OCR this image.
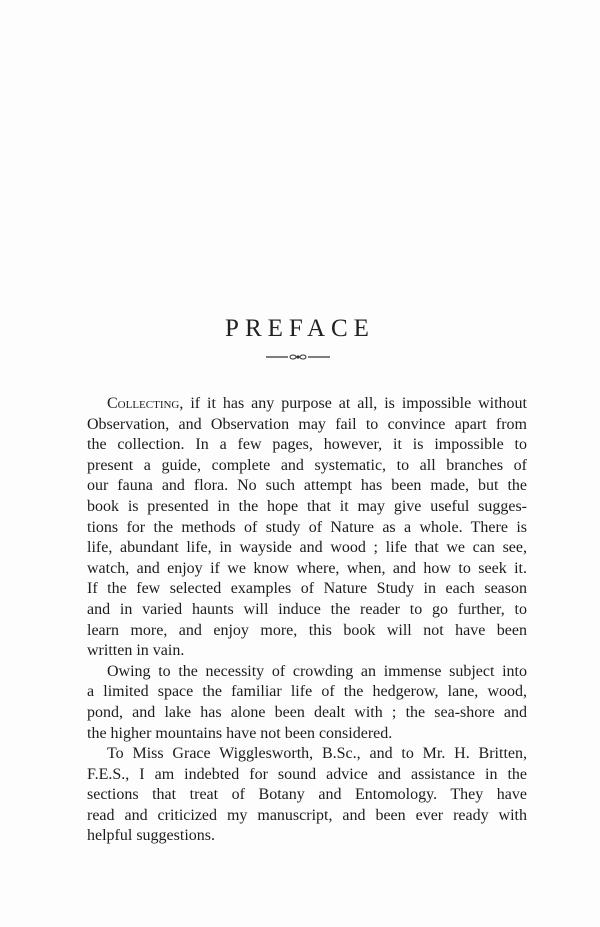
PREFACE
Collecting, if it has any purpose at all, is impossible without
Observation, and Observation may fail to convince apart from
the collection. In a few pages, however, it is impossible to
present a guide, complete and systematic, to all branches of
our fauna and flora. No such attempt has been made, but the
book is presented in the hope that it may give useful sugges-
tions for the methods of study of Nature as a whole. There is
life, abundant life, in wayside and wood ; life that we can see,
watch, and enjoy if we know where, when, and how to seek it.
If the few selected examples of Nature Study in each season
and in varied haunts will induce the reader to go further, to
learn more, and enjoy more, this book will not have been
written in vain.
Owing to the necessity of crowding an immense subject into
a limited space the familiar life of the hedgerow, lane, wood,
pond, and lake has alone been dealt with ; the sea-shore and
the higher mountains have not been considered.
To Miss Grace Wigglesworth, B.Sc., and to Mr. H. Britten,
F.E.S., I am indebted for sound advice and assistance in the
sections that treat of Botany and Entomology. They have
read and criticized my manuscript, and been ever ready with
helpful suggestions.
